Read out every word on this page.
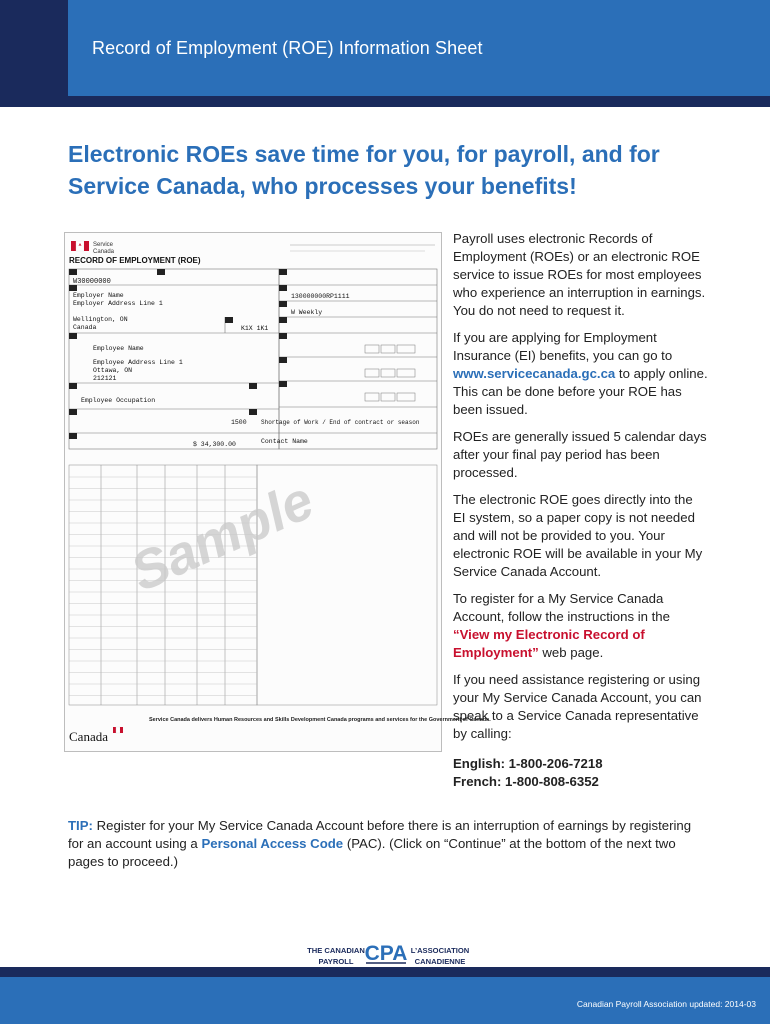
Record of Employment (ROE) Information Sheet
Electronic ROEs save time for you, for payroll, and for Service Canada, who processes your benefits!
Service
Canada
RECORD OF EMPLOYMENT (ROE)
W30000000
Employer Name
Employer Address Line 1
Wellington, ON
Canada	K1X 1K1
130000000RP1111
W Weekly
Employee Name
Employee Address Line 1
Ottawa, ON
212121
Employee Occupation
1500
$ 34,300.00
Shortage of Work / End of contract or season
Contact Name
Sample
Service Canada delivers Human Resources and Skills Development Canada programs and services for the Government of Canada.
Canada

Payroll uses electronic Records of Employment (ROEs) or an electronic ROE service to issue ROEs for most employees who experience an interruption in earnings. You do not need to request it.

If you are applying for Employment Insurance (EI) benefits, you can go to www.servicecanada.gc.ca to apply online. This can be done before your ROE has been issued.

ROEs are generally issued 5 calendar days after your final pay period has been processed.

The electronic ROE goes directly into the EI system, so a paper copy is not needed and will not be provided to you. Your electronic ROE will be available in your My Service Canada Account.

To register for a My Service Canada Account, follow the instructions in the “View my Electronic Record of Employment” web page.

If you need assistance registering or using your My Service Canada Account, you can speak to a Service Canada representative by calling:

English: 1-800-206-7218
French: 1-800-808-6352
TIP: Register for your My Service Canada Account before there is an interruption of earnings by registering for an account using a Personal Access Code (PAC). (Click on “Continue” at the bottom of the next two pages to proceed.)
THE CANADIAN
PAYROLL CPA L’ASSOCIATION
CANADIENNE
Canadian Payroll Association updated: 2014-03
